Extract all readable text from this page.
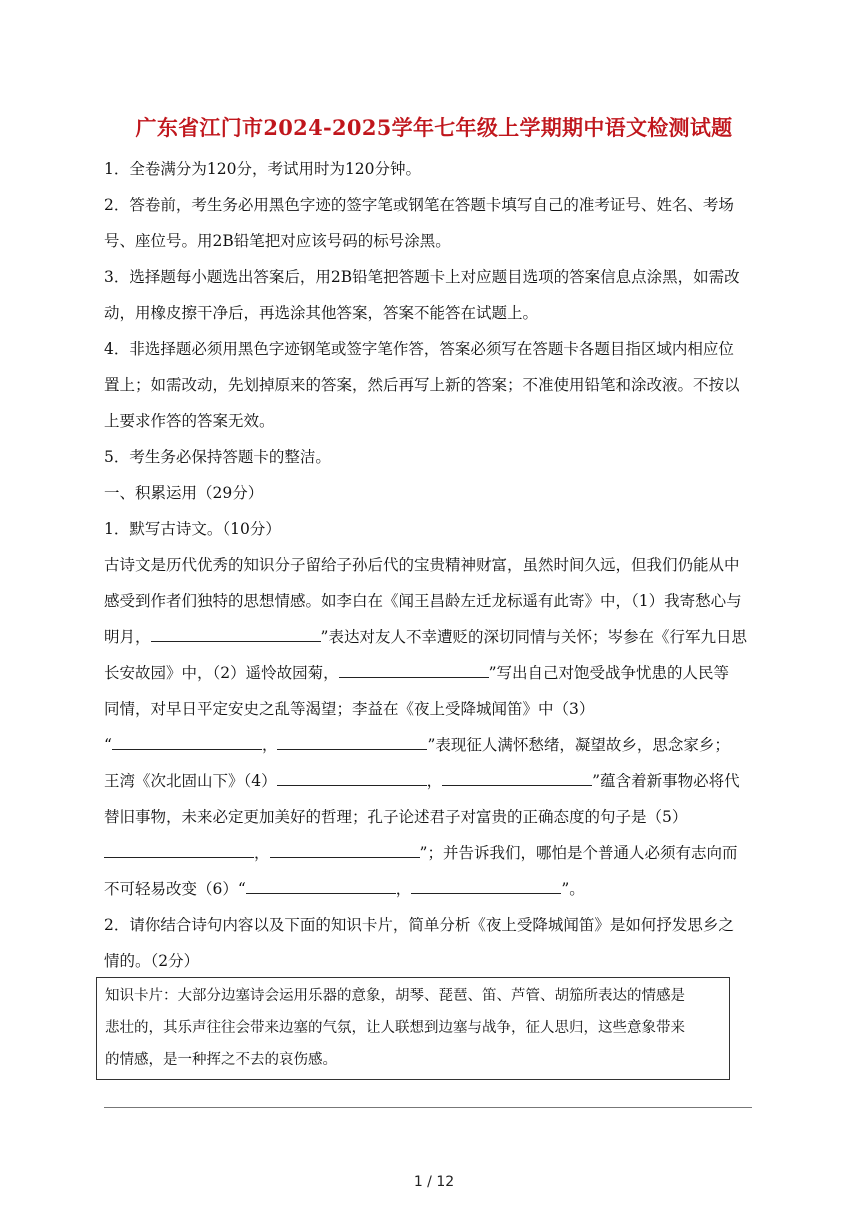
广东省江门市2024-2025学年七年级上学期期中语文检测试题
1．全卷满分为120分，考试用时为120分钟。
2．答卷前，考生务必用黑色字迹的签字笔或钢笔在答题卡填写自己的准考证号、姓名、考场
号、座位号。用2B铅笔把对应该号码的标号涂黑。
3．选择题每小题选出答案后，用2B铅笔把答题卡上对应题目选项的答案信息点涂黑，如需改
动，用橡皮擦干净后，再选涂其他答案，答案不能答在试题上。
4．非选择题必须用黑色字迹钢笔或签字笔作答，答案必须写在答题卡各题目指区域内相应位
置上；如需改动，先划掉原来的答案，然后再写上新的答案；不准使用铅笔和涂改液。不按以
上要求作答的答案无效。
5．考生务必保持答题卡的整洁。
一、积累运用（29分）
1．默写古诗文。（10分）
古诗文是历代优秀的知识分子留给子孙后代的宝贵精神财富，虽然时间久远，但我们仍能从中
感受到作者们独特的思想情感。如李白在《闻王昌龄左迁龙标遥有此寄》中，（1）我寄愁心与
明月，	”表达对友人不幸遭贬的深切同情与关怀；岑参在《行军九日思
长安故园》中，（2）遥怜故园菊，	”写出自己对饱受战争忧患的人民等
同情，对早日平定安史之乱等渴望；李益在《夜上受降城闻笛》中（3）
“	，	”表现征人满怀愁绪，凝望故乡，思念家乡；
王湾《次北固山下》（4）	，	”蕴含着新事物必将代
替旧事物，未来必定更加美好的哲理；孔子论述君子对富贵的正确态度的句子是（5）
，	”；并告诉我们，哪怕是个普通人必须有志向而
不可轻易改变（6）“	，	”。
2．请你结合诗句内容以及下面的知识卡片，简单分析《夜上受降城闻笛》是如何抒发思乡之
情的。（2分）
知识卡片：大部分边塞诗会运用乐器的意象，胡琴、琵琶、笛、芦管、胡笳所表达的情感是
悲壮的，其乐声往往会带来边塞的气氛，让人联想到边塞与战争，征人思归，这些意象带来
的情感，是一种挥之不去的哀伤感。
1 / 12
